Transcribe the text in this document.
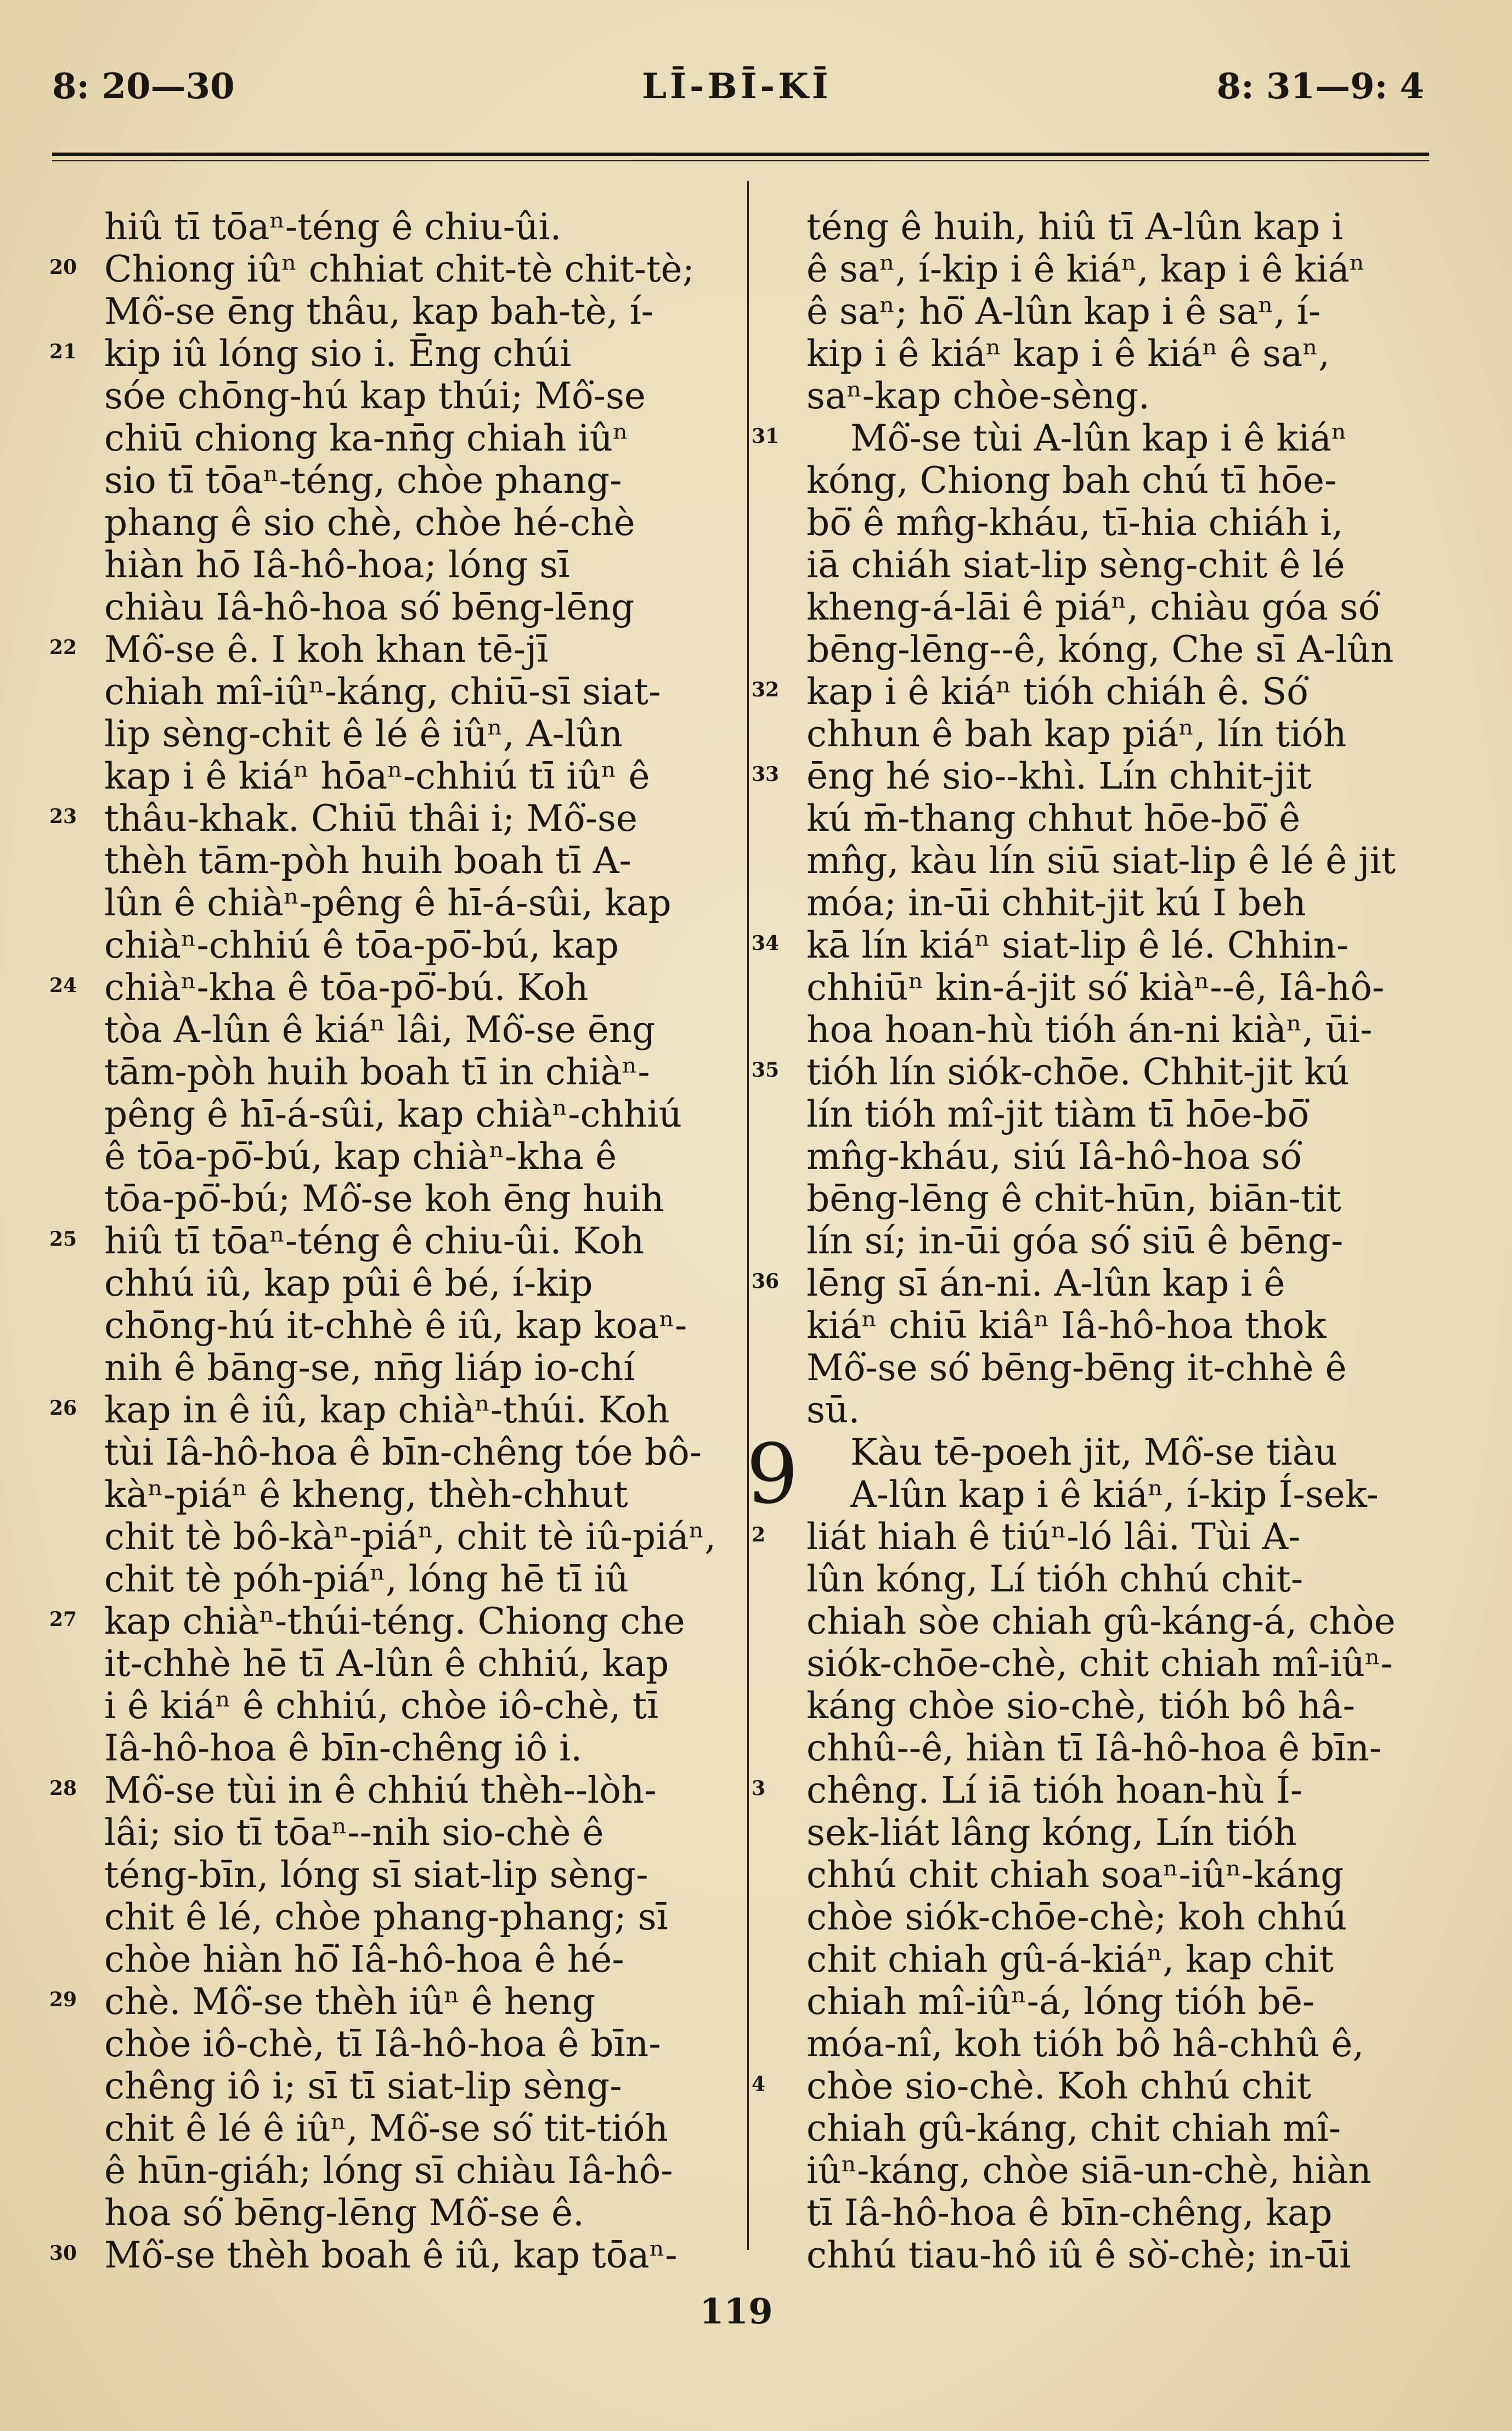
8: 20—30	LĪ-BĪ-KĪ	8: 31—9: 4
hiû tī tōaⁿ-téng ê chiu-ûi.
20 Chiong iûⁿ chhiat chit-tè chit-tè;
Mô͘-se ēng thâu, kap bah-tè, í-
21 kip iû lóng sio i. Ēng chúi
sóe chōng-hú kap thúi; Mô͘-se
chiū chiong ka-nn̄g chiah iûⁿ
sio tī tōaⁿ-téng, chòe phang-
phang ê sio chè, chòe hé-chè
hiàn hō Iâ-hô-hoa; lóng sī
chiàu Iâ-hô-hoa só͘ bēng-lēng
22 Mô͘-se ê. I koh khan tē-jī
chiah mî-iûⁿ-káng, chiū-sī siat-
lip sèng-chit ê lé ê iûⁿ, A-lûn
kap i ê kiáⁿ hōaⁿ-chhiú tī iûⁿ ê
23 thâu-khak. Chiū thâi i; Mô͘-se
thèh tām-pòh huih boah tī A-
lûn ê chiàⁿ-pêng ê hī-á-sûi, kap
chiàⁿ-chhiú ê tōa-pō͘-bú, kap
24 chiàⁿ-kha ê tōa-pō͘-bú. Koh
tòa A-lûn ê kiáⁿ lâi, Mô͘-se ēng
tām-pòh huih boah tī in chiàⁿ-
pêng ê hī-á-sûi, kap chiàⁿ-chhiú
ê tōa-pō͘-bú, kap chiàⁿ-kha ê
tōa-pō͘-bú; Mô͘-se koh ēng huih
25 hiû tī tōaⁿ-téng ê chiu-ûi. Koh
chhú iû, kap pûi ê bé, í-kip
chōng-hú it-chhè ê iû, kap koaⁿ-
nih ê bāng-se, nn̄g liáp io-chí
26 kap in ê iû, kap chiàⁿ-thúi. Koh
tùi Iâ-hô-hoa ê bīn-chêng tóe bô-
kàⁿ-piáⁿ ê kheng, thèh-chhut
chit tè bô-kàⁿ-piáⁿ, chit tè iû-piáⁿ,
chit tè póh-piáⁿ, lóng hē tī iû
27 kap chiàⁿ-thúi-téng. Chiong che
it-chhè hē tī A-lûn ê chhiú, kap
i ê kiáⁿ ê chhiú, chòe iô-chè, tī
Iâ-hô-hoa ê bīn-chêng iô i.
28 Mô͘-se tùi in ê chhiú thèh--lòh-
lâi; sio tī tōaⁿ--nih sio-chè ê
téng-bīn, lóng sī siat-lip sèng-
chit ê lé, chòe phang-phang; sī
chòe hiàn hō͘ Iâ-hô-hoa ê hé-
29 chè. Mô͘-se thèh iûⁿ ê heng
chòe iô-chè, tī Iâ-hô-hoa ê bīn-
chêng iô i; sī tī siat-lip sèng-
chit ê lé ê iûⁿ, Mô͘-se só͘ tit-tióh
ê hūn-giáh; lóng sī chiàu Iâ-hô-
hoa só͘ bēng-lēng Mô͘-se ê.
30 Mô͘-se thèh boah ê iû, kap tōaⁿ-
téng ê huih, hiû tī A-lûn kap i
ê saⁿ, í-kip i ê kiáⁿ, kap i ê kiáⁿ
ê saⁿ; hō͘ A-lûn kap i ê saⁿ, í-
kip i ê kiáⁿ kap i ê kiáⁿ ê saⁿ,
saⁿ-kap chòe-sèng.
31 Mô͘-se tùi A-lûn kap i ê kiáⁿ
kóng, Chiong bah chú tī hōe-
bō͘ ê mn̂g-kháu, tī-hia chiáh i,
iā chiáh siat-lip sèng-chit ê lé
kheng-á-lāi ê piáⁿ, chiàu góa só͘
bēng-lēng--ê, kóng, Che sī A-lûn
32 kap i ê kiáⁿ tióh chiáh ê. Só͘
chhun ê bah kap piáⁿ, lín tióh
33 ēng hé sio--khì. Lín chhit-jit
kú m̄-thang chhut hōe-bō͘ ê
mn̂g, kàu lín siū siat-lip ê lé ê jit
móa; in-ūi chhit-jit kú I beh
34 kā lín kiáⁿ siat-lip ê lé. Chhin-
chhiūⁿ kin-á-jit só͘ kiàⁿ--ê, Iâ-hô-
hoa hoan-hù tióh án-ni kiàⁿ, ūi-
35 tióh lín siók-chōe. Chhit-jit kú
lín tióh mî-jit tiàm tī hōe-bō͘
mn̂g-kháu, siú Iâ-hô-hoa só͘
bēng-lēng ê chit-hūn, biān-tit
lín sí; in-ūi góa só͘ siū ê bēng-
36 lēng sī án-ni. A-lûn kap i ê
kiáⁿ chiū kiâⁿ Iâ-hô-hoa thok
Mô͘-se só͘ bēng-bēng it-chhè ê
sū.
9 Kàu tē-poeh jit, Mô͘-se tiàu
A-lûn kap i ê kiáⁿ, í-kip Í-sek-
2 liát hiah ê tiúⁿ-ló lâi. Tùi A-
lûn kóng, Lí tióh chhú chit-
chiah sòe chiah gû-káng-á, chòe
siók-chōe-chè, chit chiah mî-iûⁿ-
káng chòe sio-chè, tióh bô hâ-
chhû--ê, hiàn tī Iâ-hô-hoa ê bīn-
3 chêng. Lí iā tióh hoan-hù Í-
sek-liát lâng kóng, Lín tióh
chhú chit chiah soaⁿ-iûⁿ-káng
chòe siók-chōe-chè; koh chhú
chit chiah gû-á-kiáⁿ, kap chit
chiah mî-iûⁿ-á, lóng tióh bē-
móa-nî, koh tióh bô hâ-chhû ê,
4 chòe sio-chè. Koh chhú chit
chiah gû-káng, chit chiah mî-
iûⁿ-káng, chòe siā-un-chè, hiàn
tī Iâ-hô-hoa ê bīn-chêng, kap
chhú tiau-hô iû ê sò͘-chè; in-ūi
119
